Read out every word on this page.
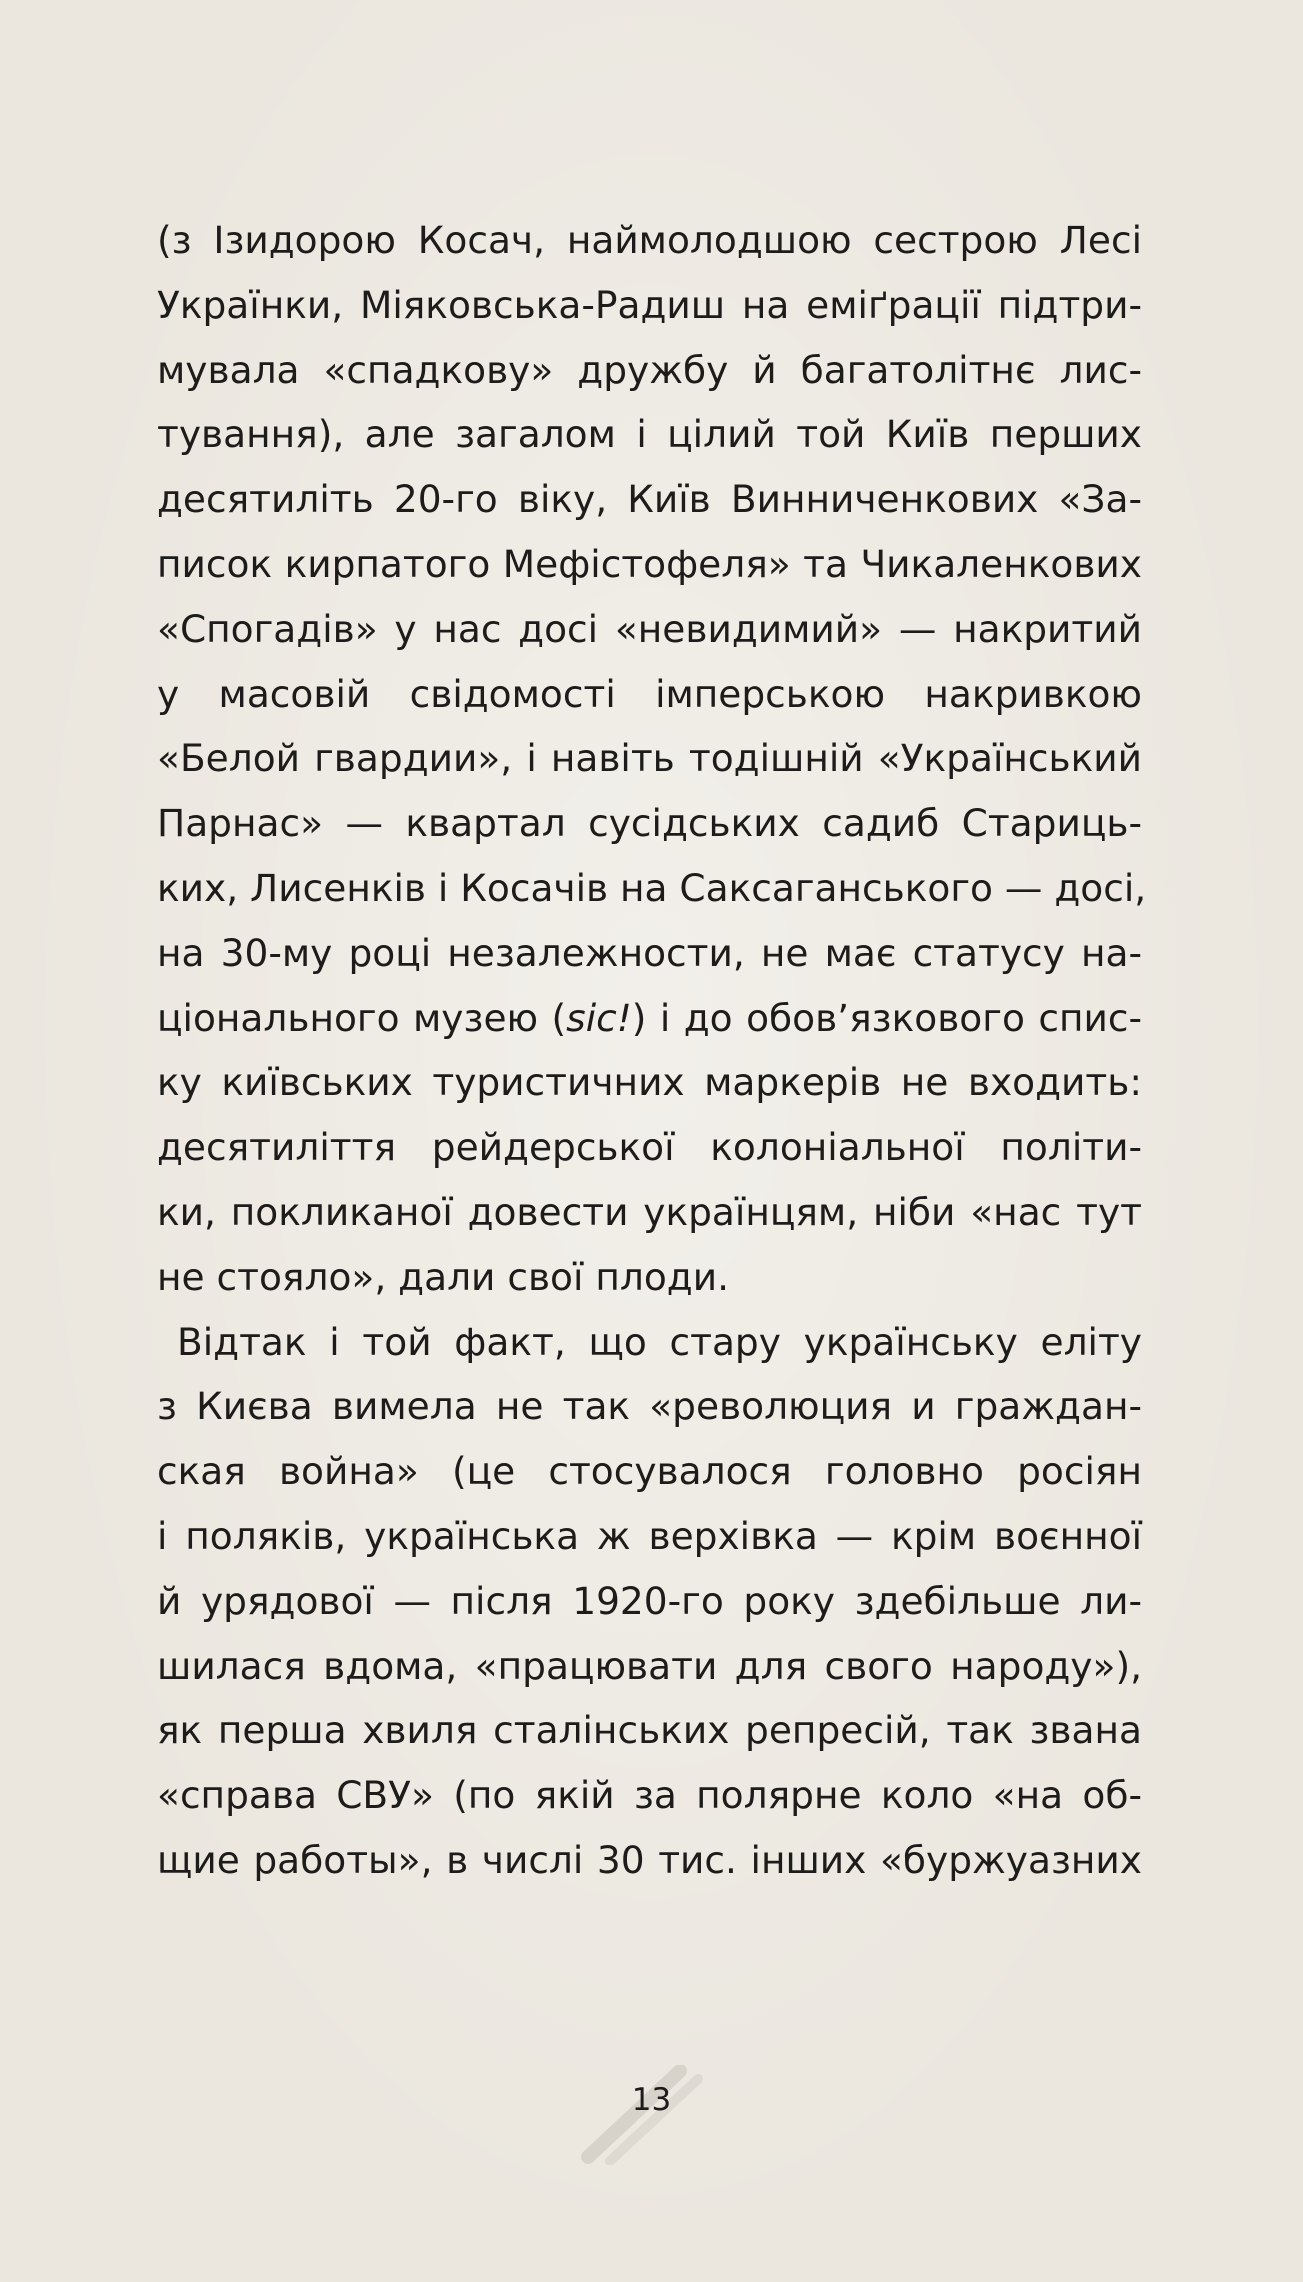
(з Ізидорою Косач, наймолодшою сестрою Лесі
Українки, Міяковська-Радиш на еміґрації підтри-
мувала «спадкову» дружбу й багатолітнє лис-
тування), але загалом і цілий той Київ перших
десятиліть 20-го віку, Київ Винниченкових «За-
писок кирпатого Мефістофеля» та Чикаленкових
«Спогадів» у нас досі «невидимий» — накритий
у масовій свідомості імперською накривкою
«Белой гвардии», і навіть тодішній «Український
Парнас» — квартал сусідських садиб Стариць-
ких, Лисенків і Косачів на Саксаганського — досі,
на 30-му році незалежности, не має статусу на-
ціонального музею (sic!) і до обов’язкового спис-
ку київських туристичних маркерів не входить:
десятиліття рейдерської колоніальної політи-
ки, покликаної довести українцям, ніби «нас тут
не стояло», дали свої плоди.
Відтак і той факт, що стару українську еліту
з Києва вимела не так «революция и граждан-
ская война» (це стосувалося головно росіян
і поляків, українська ж верхівка — крім воєнної
й урядової — після 1920-го року здебільше ли-
шилася вдома, «працювати для свого народу»),
як перша хвиля сталінських репресій, так звана
«справа СВУ» (по якій за полярне коло «на об-
щие работы», в числі 30 тис. інших «буржуазних
13
